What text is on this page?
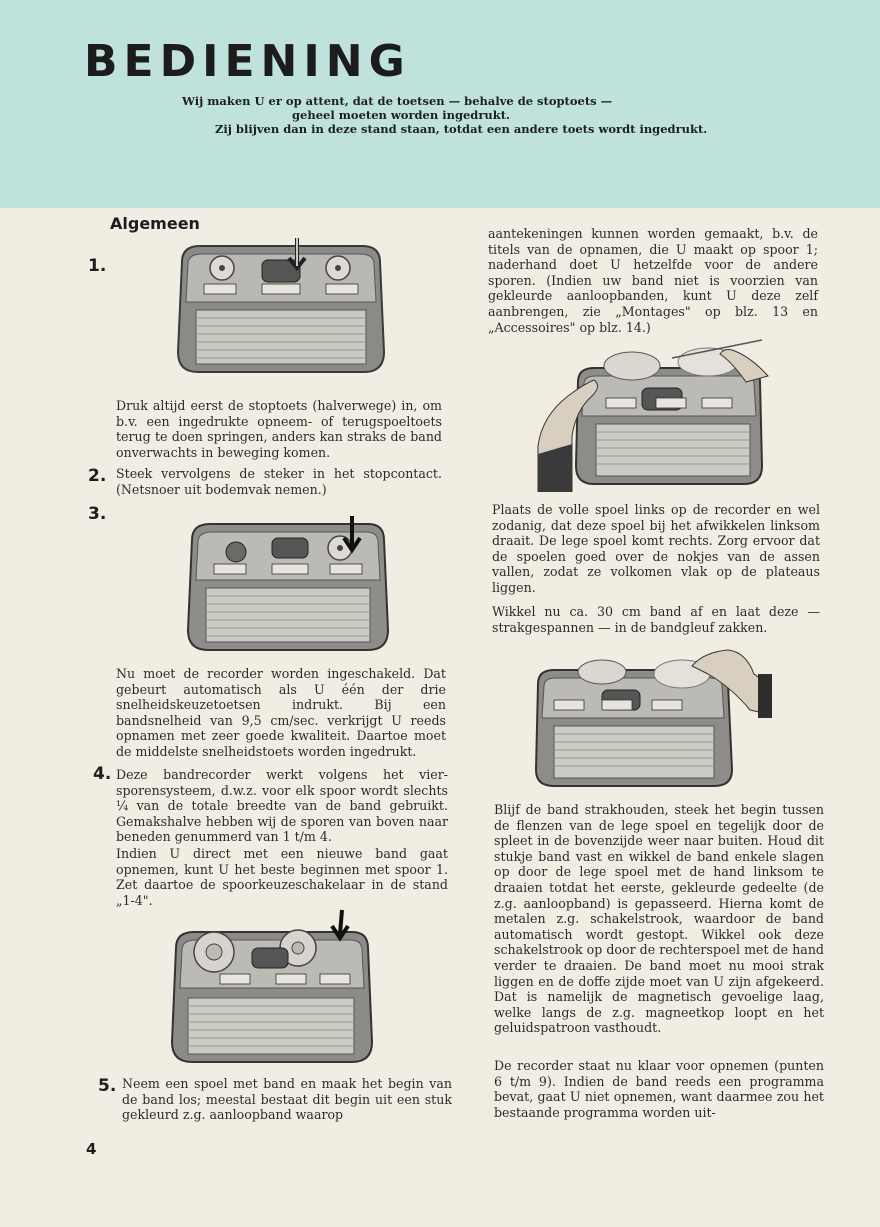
BEDIENING
Wij maken U er op attent, dat de toetsen — behalve de stoptoets —
geheel moeten worden ingedrukt.
Zij blijven dan in deze stand staan, totdat een andere toets wordt ingedrukt.
Algemeen
1.
2.
3.
4.
5.
Druk altijd eerst de stoptoets (halverwege) in, om b.v. een ingedrukte opneem- of terugspoeltoets terug te doen springen, anders kan straks de band onverwachts in beweging komen.
Steek vervolgens de steker in het stopcontact. (Netsnoer uit bodemvak nemen.)
Nu moet de recorder worden ingeschakeld. Dat gebeurt automatisch als U één der drie snelheidskeuzetoetsen indrukt. Bij een bandsnelheid van 9,5 cm/sec. verkrijgt U reeds opnamen met zeer goede kwaliteit. Daartoe moet de middelste snelheidstoets worden ingedrukt.
Deze bandrecorder werkt volgens het vier-sporensysteem, d.w.z. voor elk spoor wordt slechts ¼ van de totale breedte van de band gebruikt. Gemakshalve hebben wij de sporen van boven naar beneden genummerd van 1 t/m 4.
Indien U direct met een nieuwe band gaat opnemen, kunt U het beste beginnen met spoor 1. Zet daartoe de spoorkeuzeschakelaar in de stand „1-4".
Neem een spoel met band en maak het begin van de band los; meestal bestaat dit begin uit een stuk gekleurd z.g. aanloopband waarop
aantekeningen kunnen worden gemaakt, b.v. de titels van de opnamen, die U maakt op spoor 1; naderhand doet U hetzelfde voor de andere sporen. (Indien uw band niet is voorzien van gekleurde aanloopbanden, kunt U deze zelf aanbrengen, zie „Montages" op blz. 13 en „Accessoires" op blz. 14.)
Plaats de volle spoel links op de recorder en wel zodanig, dat deze spoel bij het afwikkelen linksom draait. De lege spoel komt rechts. Zorg ervoor dat de spoelen goed over de nokjes van de assen vallen, zodat ze volkomen vlak op de plateaus liggen.
Wikkel nu ca. 30 cm band af en laat deze — strakgespannen — in de bandgleuf zakken.
Blijf de band strakhouden, steek het begin tussen de flenzen van de lege spoel en tegelijk door de spleet in de bovenzijde weer naar buiten. Houd dit stukje band vast en wikkel de band enkele slagen op door de lege spoel met de hand linksom te draaien totdat het eerste, gekleurde gedeelte (de z.g. aanloopband) is gepasseerd. Hierna komt de metalen z.g. schakelstrook, waardoor de band automatisch wordt gestopt. Wikkel ook deze schakelstrook op door de rechterspoel met de hand verder te draaien. De band moet nu mooi strak liggen en de doffe zijde moet van U zijn afgekeerd. Dat is namelijk de magnetisch gevoelige laag, welke langs de z.g. magneetkop loopt en het geluidspatroon vasthoudt.
De recorder staat nu klaar voor opnemen (punten 6 t/m 9). Indien de band reeds een programma bevat, gaat U niet opnemen, want daarmee zou het bestaande programma worden uit-
4
